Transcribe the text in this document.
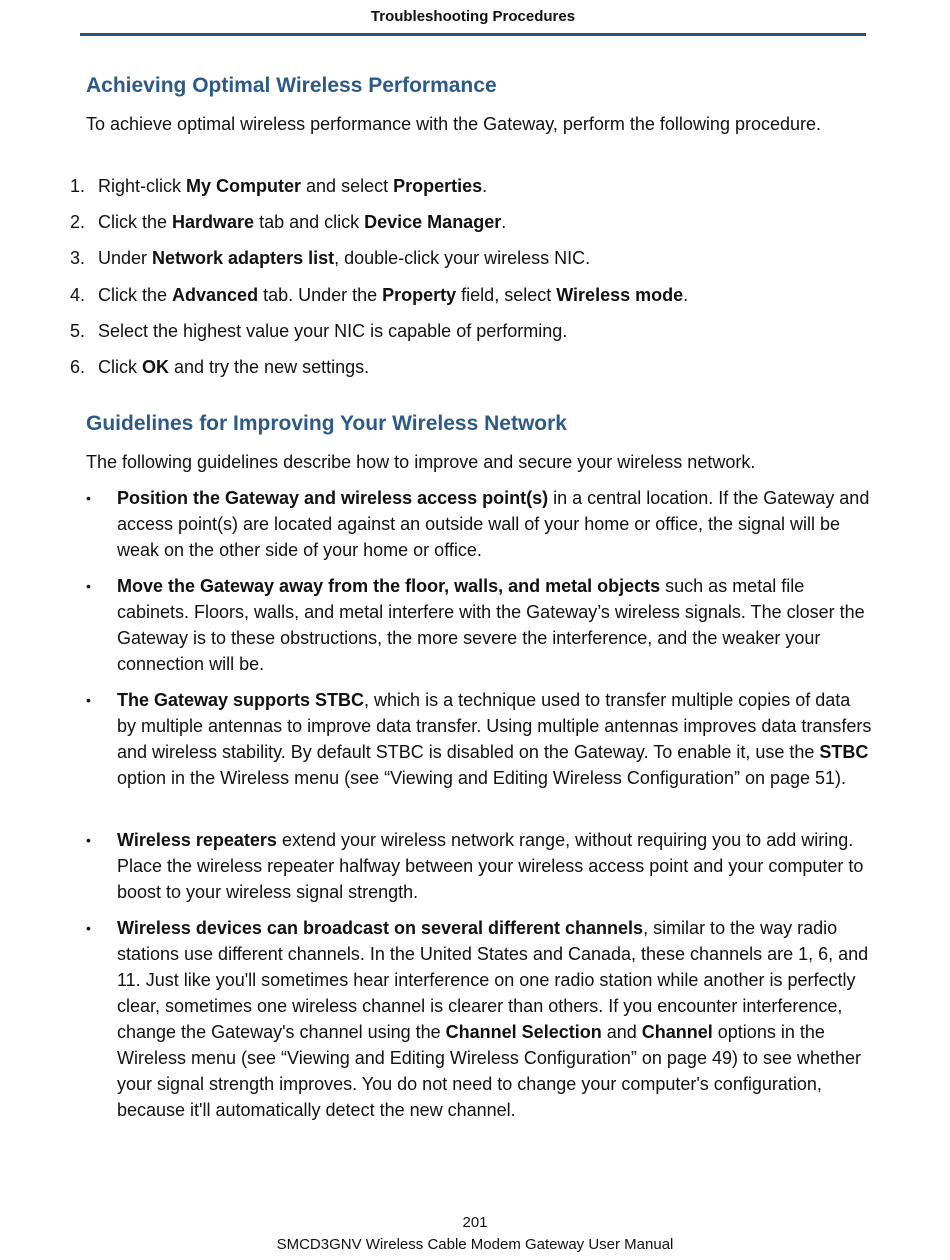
Troubleshooting Procedures
Achieving Optimal Wireless Performance

To achieve optimal wireless performance with the Gateway, perform the following procedure.

1. Right-click My Computer and select Properties.
2. Click the Hardware tab and click Device Manager.
3. Under Network adapters list, double-click your wireless NIC.
4. Click the Advanced tab. Under the Property field, select Wireless mode.
5. Select the highest value your NIC is capable of performing.
6. Click OK and try the new settings.
Guidelines for Improving Your Wireless Network

The following guidelines describe how to improve and secure your wireless network.

• Position the Gateway and wireless access point(s) in a central location. If the Gateway and access point(s) are located against an outside wall of your home or office, the signal will be weak on the other side of your home or office.
• Move the Gateway away from the floor, walls, and metal objects such as metal file cabinets. Floors, walls, and metal interfere with the Gateway’s wireless signals. The closer the Gateway is to these obstructions, the more severe the interference, and the weaker your connection will be.
• The Gateway supports STBC, which is a technique used to transfer multiple copies of data by multiple antennas to improve data transfer. Using multiple antennas improves data transfers and wireless stability. By default STBC is disabled on the Gateway. To enable it, use the STBC option in the Wireless menu (see “Viewing and Editing Wireless Configuration” on page 51).
• Wireless repeaters extend your wireless network range, without requiring you to add wiring. Place the wireless repeater halfway between your wireless access point and your computer to boost to your wireless signal strength.
• Wireless devices can broadcast on several different channels, similar to the way radio stations use different channels. In the United States and Canada, these channels are 1, 6, and 11. Just like you'll sometimes hear interference on one radio station while another is perfectly clear, sometimes one wireless channel is clearer than others. If you encounter interference, change the Gateway's channel using the Channel Selection and Channel options in the Wireless menu (see “Viewing and Editing Wireless Configuration” on page 49) to see whether your signal strength improves. You do not need to change your computer's configuration, because it'll automatically detect the new channel.
201
SMCD3GNV Wireless Cable Modem Gateway User Manual
